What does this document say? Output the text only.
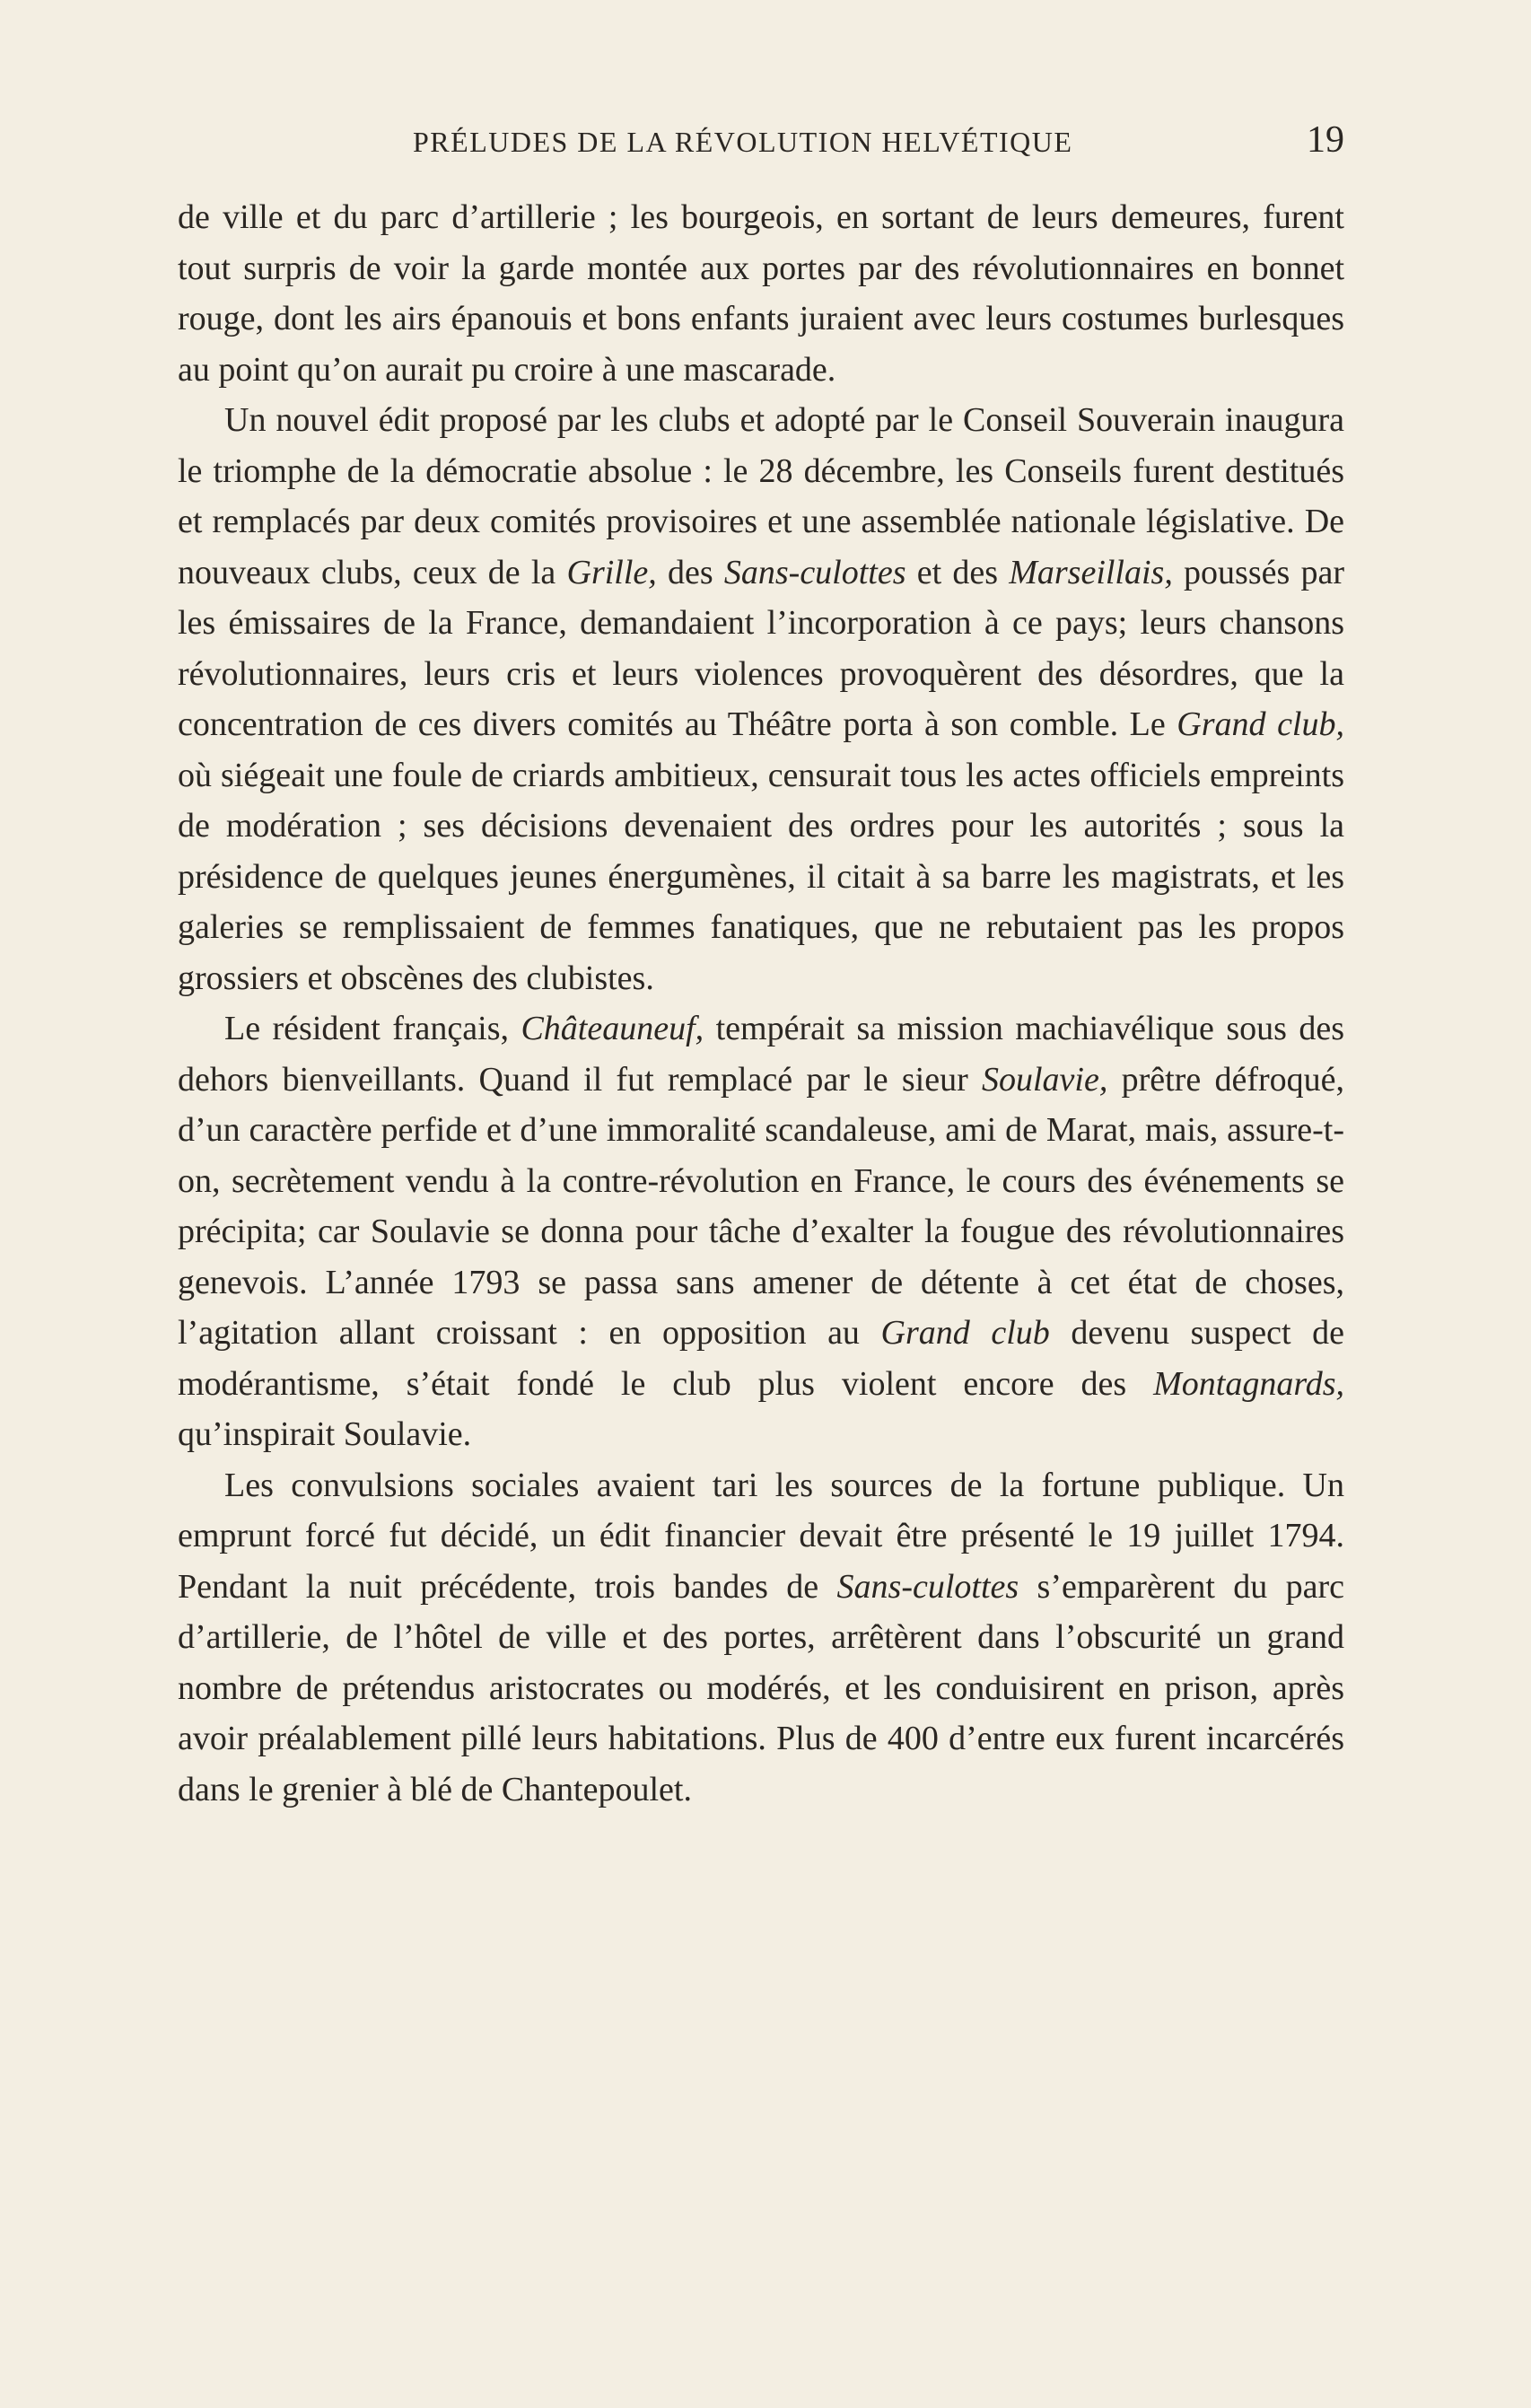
PRÉLUDES DE LA RÉVOLUTION HELVÉTIQUE	19

de ville et du parc d’artillerie ; les bourgeois, en sortant de leurs demeures, furent tout surpris de voir la garde montée aux portes par des révolutionnaires en bonnet rouge, dont les airs épanouis et bons enfants juraient avec leurs costumes burlesques au point qu’on aurait pu croire à une mascarade.

Un nouvel édit proposé par les clubs et adopté par le Conseil Souverain inaugura le triomphe de la démocratie absolue : le 28 décembre, les Conseils furent destitués et remplacés par deux comités provisoires et une assemblée nationale législative. De nouveaux clubs, ceux de la Grille, des Sans-culottes et des Marseillais, poussés par les émissaires de la France, demandaient l’incorporation à ce pays; leurs chansons révolutionnaires, leurs cris et leurs violences provoquèrent des désordres, que la concentration de ces divers comités au Théâtre porta à son comble. Le Grand club, où siégeait une foule de criards ambitieux, censurait tous les actes officiels empreints de modération ; ses décisions devenaient des ordres pour les autorités ; sous la présidence de quelques jeunes énergumènes, il citait à sa barre les magistrats, et les galeries se remplissaient de femmes fanatiques, que ne rebutaient pas les propos grossiers et obscènes des clubistes.

Le résident français, Châteauneuf, tempérait sa mission machiavélique sous des dehors bienveillants. Quand il fut remplacé par le sieur Soulavie, prêtre défroqué, d’un caractère perfide et d’une immoralité scandaleuse, ami de Marat, mais, assure-t-on, secrètement vendu à la contre-révolution en France, le cours des événements se précipita; car Soulavie se donna pour tâche d’exalter la fougue des révolutionnaires genevois. L’année 1793 se passa sans amener de détente à cet état de choses, l’agitation allant croissant : en opposition au Grand club devenu suspect de modérantisme, s’était fondé le club plus violent encore des Montagnards, qu’inspirait Soulavie.

Les convulsions sociales avaient tari les sources de la fortune publique. Un emprunt forcé fut décidé, un édit financier devait être présenté le 19 juillet 1794. Pendant la nuit précédente, trois bandes de Sans-culottes s’emparèrent du parc d’artillerie, de l’hôtel de ville et des portes, arrêtèrent dans l’obscurité un grand nombre de prétendus aristocrates ou modérés, et les conduisirent en prison, après avoir préalablement pillé leurs habitations. Plus de 400 d’entre eux furent incarcérés dans le grenier à blé de Chantepoulet.
